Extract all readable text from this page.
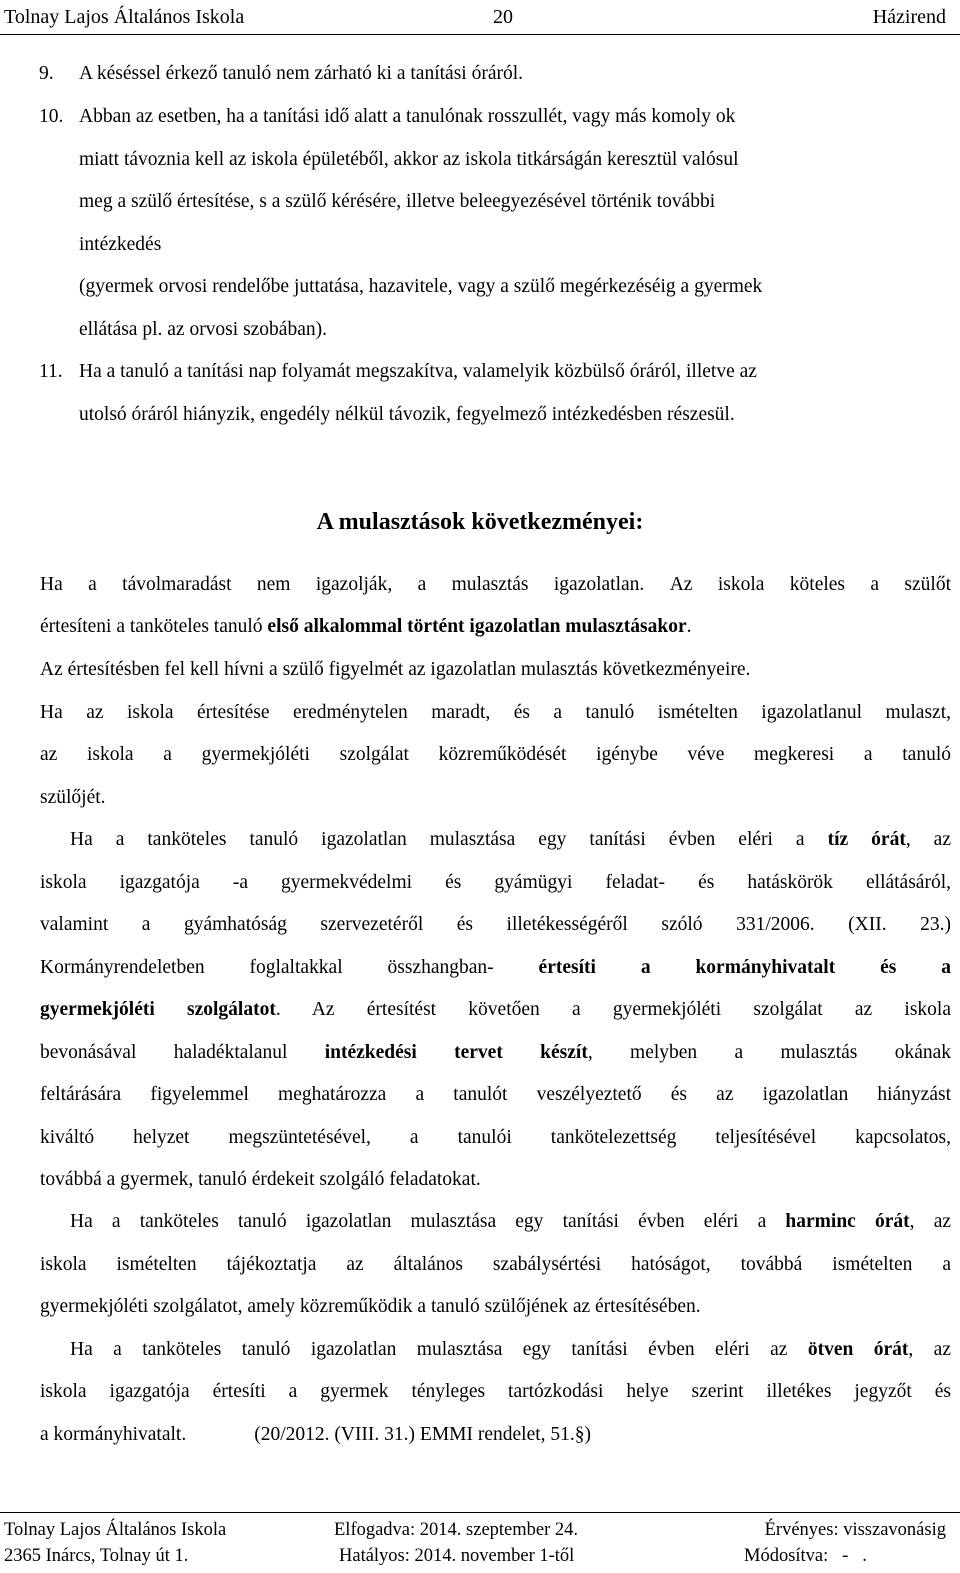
Tolnay Lajos Általános Iskola	20	Házirend
9. A késéssel érkező tanuló nem zárható ki a tanítási óráról.
10. Abban az esetben, ha a tanítási idő alatt a tanulónak rosszullét, vagy más komoly ok
miatt távoznia kell az iskola épületéből, akkor az iskola titkárságán keresztül valósul
meg a szülő értesítése, s a szülő kérésére, illetve beleegyezésével történik további
intézkedés
(gyermek orvosi rendelőbe juttatása, hazavitele, vagy a szülő megérkezéséig a gyermek
ellátása pl. az orvosi szobában).
11. Ha a tanuló a tanítási nap folyamát megszakítva, valamelyik közbülső óráról, illetve az
utolsó óráról hiányzik, engedély nélkül távozik, fegyelmező intézkedésben részesül.
A mulasztások következményei:
Ha a távolmaradást nem igazolják, a mulasztás igazolatlan. Az iskola köteles a szülőt
értesíteni a tanköteles tanuló első alkalommal történt igazolatlan mulasztásakor.
Az értesítésben fel kell hívni a szülő figyelmét az igazolatlan mulasztás következményeire.
Ha az iskola értesítése eredménytelen maradt, és a tanuló ismételten igazolatlanul mulaszt,
az iskola a gyermekjóléti szolgálat közreműködését igénybe véve megkeresi a tanuló
szülőjét.
Ha a tanköteles tanuló igazolatlan mulasztása egy tanítási évben eléri a tíz órát, az
iskola igazgatója -a gyermekvédelmi és gyámügyi feladat- és hatáskörök ellátásáról,
valamint a gyámhatóság szervezetéről és illetékességéről szóló 331/2006. (XII. 23.)
Kormányrendeletben foglaltakkal összhangban- értesíti a kormányhivatalt és a
gyermekjóléti szolgálatot. Az értesítést követően a gyermekjóléti szolgálat az iskola
bevonásával haladéktalanul intézkedési tervet készít, melyben a mulasztás okának
feltárására figyelemmel meghatározza a tanulót veszélyeztető és az igazolatlan hiányzást
kiváltó helyzet megszüntetésével, a tanulói tankötelezettség teljesítésével kapcsolatos,
továbbá a gyermek, tanuló érdekeit szolgáló feladatokat.
Ha a tanköteles tanuló igazolatlan mulasztása egy tanítási évben eléri a harminc órát, az
iskola ismételten tájékoztatja az általános szabálysértési hatóságot, továbbá ismételten a
gyermekjóléti szolgálatot, amely közreműködik a tanuló szülőjének az értesítésében.
Ha a tanköteles tanuló igazolatlan mulasztása egy tanítási évben eléri az ötven órát, az
iskola igazgatója értesíti a gyermek tényleges tartózkodási helye szerint illetékes jegyzőt és
a kormányhivatalt.	(20/2012. (VIII. 31.) EMMI rendelet, 51.§)
Tolnay Lajos Általános Iskola
2365 Inárcs, Tolnay út 1.
Elfogadva: 2014. szeptember 24.
Hatályos: 2014. november 1-től
Érvényes: visszavonásig
Módosítva:   -   .
